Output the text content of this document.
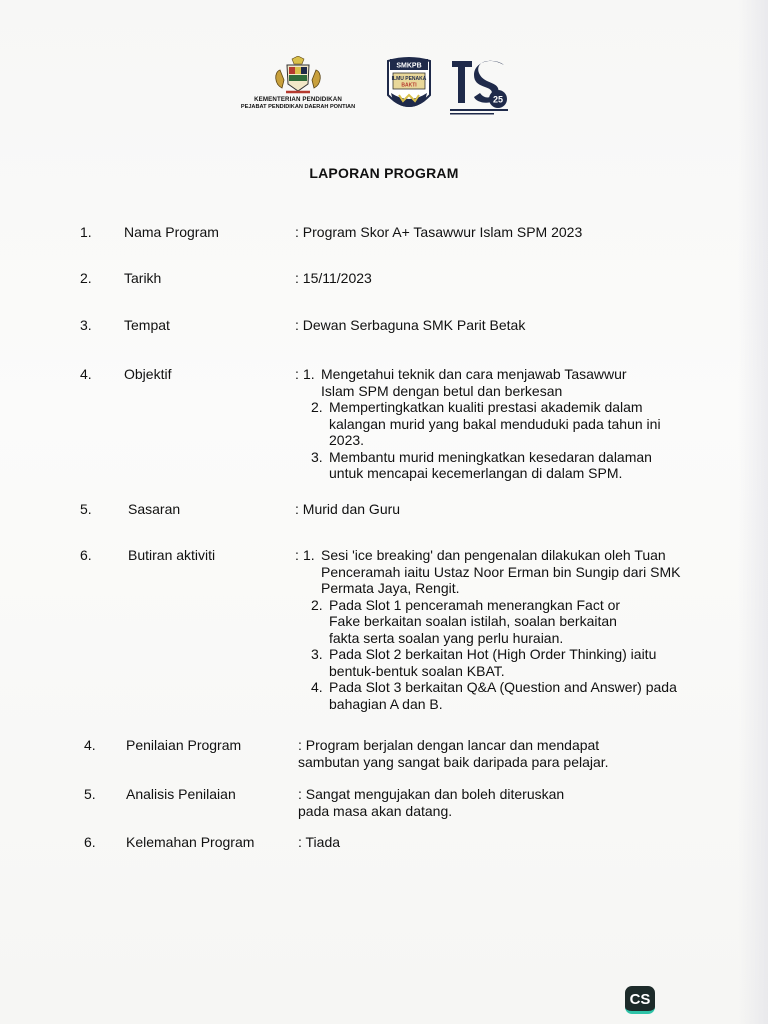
KEMENTERIAN PENDIDIKAN
PEJABAT PENDIDIKAN DAERAH PONTIAN
SMKPB
ILMU PENAKA
BAKTI
25
LAPORAN PROGRAM
1. Nama Program	: Program Skor A+ Tasawwur Islam SPM 2023
2. Tarikh	: 15/11/2023
3. Tempat	: Dewan Serbaguna SMK Parit Betak
4. Objektif	: 1. Mengetahui teknik dan cara menjawab Tasawwur Islam SPM dengan betul dan berkesan
2. Mempertingkatkan kualiti prestasi akademik dalam kalangan murid yang bakal menduduki pada tahun ini 2023.
3. Membantu murid meningkatkan kesedaran dalaman untuk mencapai kecemerlangan di dalam SPM.
5.	Sasaran	: Murid dan Guru
6.	Butiran aktiviti	: 1. Sesi 'ice breaking' dan pengenalan dilakukan oleh Tuan Penceramah iaitu Ustaz Noor Erman bin Sungip dari SMK Permata Jaya, Rengit.
2. Pada Slot 1 penceramah menerangkan Fact or Fake berkaitan soalan istilah, soalan berkaitan fakta serta soalan yang perlu huraian.
3. Pada Slot 2 berkaitan Hot (High Order Thinking) iaitu bentuk-bentuk soalan KBAT.
4. Pada Slot 3 berkaitan Q&A (Question and Answer) pada bahagian A dan B.
4. Penilaian Program	: Program berjalan dengan lancar dan mendapat sambutan yang sangat baik daripada para pelajar.
5. Analisis Penilaian	: Sangat mengujakan dan boleh diteruskan pada masa akan datang.
6. Kelemahan Program	: Tiada
CS
